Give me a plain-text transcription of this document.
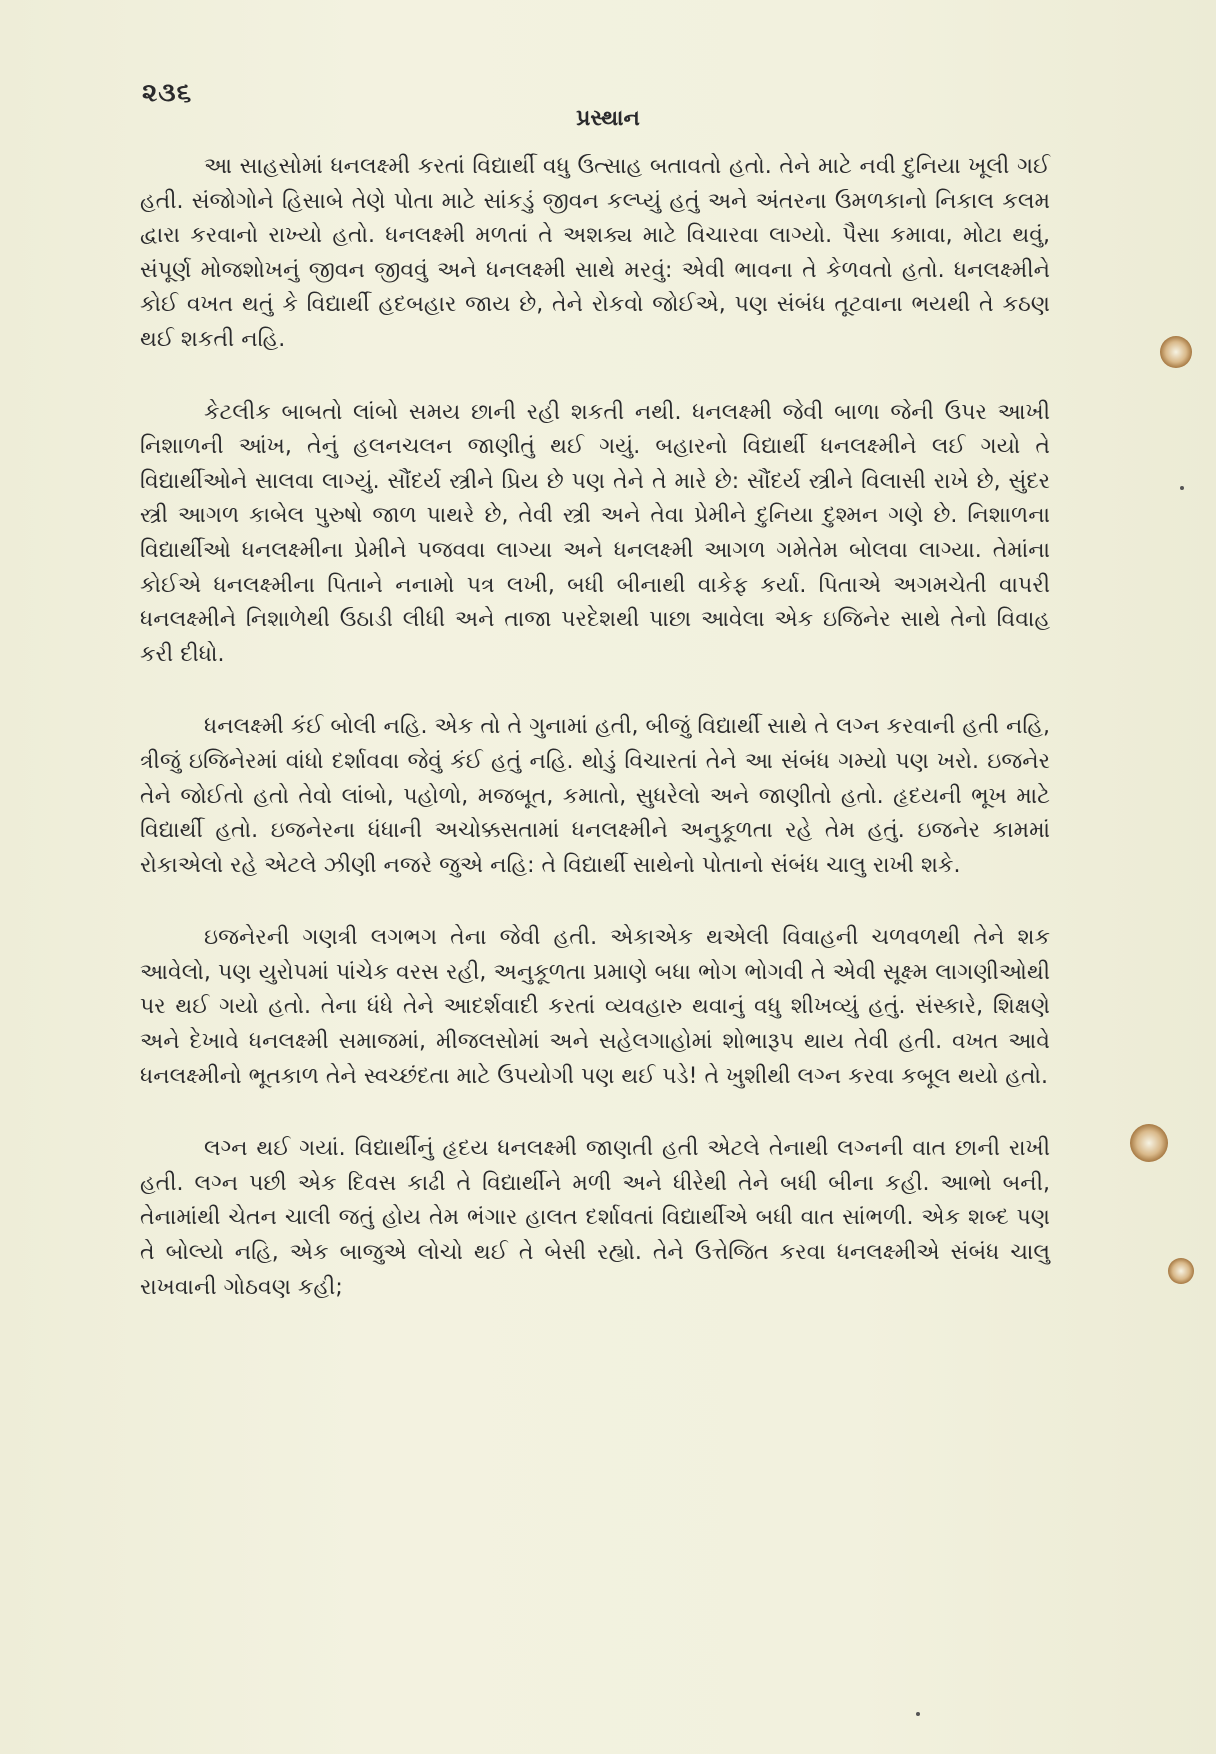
૨૩૬
પ્રસ્થાન

આ સાહસોમાં ધનલક્ષ્મી કરતાં વિદ્યાર્થી વધુ ઉત્સાહ બતાવતો હતો. તેને માટે નવી દુનિયા ખૂલી ગઈ હતી. સંજોગોને હિસાબે તેણે પોતા માટે સાંકડું જીવન કલ્પ્યું હતું અને અંતરના ઉમળકાનો નિકાલ કલમ દ્વારા કરવાનો રાખ્યો હતો. ધનલક્ષ્મી મળતાં તે અશક્ય માટે વિચારવા લાગ્યો. પૈસા કમાવા, મોટા થવું, સંપૂર્ણ મોજશોખનું જીવન જીવવું અને ધનલક્ષ્મી સાથે મરવું: એવી ભાવના તે કેળવતો હતો. ધનલક્ષ્મીને કોઈ વખત થતું કે વિદ્યાર્થી હદબહાર જાય છે, તેને રોકવો જોઈએ, પણ સંબંધ તૂટવાના ભયથી તે કઠણ થઈ શકતી નહિ.

કેટલીક બાબતો લાંબો સમય છાની રહી શકતી નથી. ધનલક્ષ્મી જેવી બાળા જેની ઉપર આખી નિશાળની આંખ, તેનું હલનચલન જાણીતું થઈ ગયું. બહારનો વિદ્યાર્થી ધનલક્ષ્મીને લઈ ગયો તે વિદ્યાર્થીઓને સાલવા લાગ્યું. સૌંદર્ય સ્ત્રીને પ્રિય છે પણ તેને તે મારે છે: સૌંદર્ય સ્ત્રીને વિલાસી રાખે છે, સુંદર સ્ત્રી આગળ કાબેલ પુરુષો જાળ પાથરે છે, તેવી સ્ત્રી અને તેવા પ્રેમીને દુનિયા દુશ્મન ગણે છે. નિશાળના વિદ્યાર્થીઓ ધનલક્ષ્મીના પ્રેમીને પજવવા લાગ્યા અને ધનલક્ષ્મી આગળ ગમેતેમ બોલવા લાગ્યા. તેમાંના કોઈએ ધનલક્ષ્મીના પિતાને નનામો પત્ર લખી, બધી બીનાથી વાકેફ કર્યા. પિતાએ અગમચેતી વાપરી ધનલક્ષ્મીને નિશાળેથી ઉઠાડી લીધી અને તાજા પરદેશથી પાછા આવેલા એક ઇજિનેર સાથે તેનો વિવાહ કરી દીધો.

ધનલક્ષ્મી કંઈ બોલી નહિ. એક તો તે ગુનામાં હતી, બીજું વિદ્યાર્થી સાથે તે લગ્ન કરવાની હતી નહિ, ત્રીજું ઇજિનેરમાં વાંધો દર્શાવવા જેવું કંઈ હતું નહિ. થોડું વિચારતાં તેને આ સંબંધ ગમ્યો પણ ખરો. ઇજનેર તેને જોઈતો હતો તેવો લાંબો, પહોળો, મજબૂત, કમાતો, સુધરેલો અને જાણીતો હતો. હૃદયની ભૂખ માટે વિદ્યાર્થી હતો. ઇજનેરના ધંધાની અચોક્કસતામાં ધનલક્ષ્મીને અનુકૂળતા રહે તેમ હતું. ઇજનેર કામમાં રોકાએલો રહે એટલે ઝીણી નજરે જુએ નહિ: તે વિદ્યાર્થી સાથેનો પોતાનો સંબંધ ચાલુ રાખી શકે.

ઇજનેરની ગણત્રી લગભગ તેના જેવી હતી. એકાએક થએલી વિવાહની ચળવળથી તેને શક આવેલો, પણ યુરોપમાં પાંચેક વરસ રહી, અનુકૂળતા પ્રમાણે બધા ભોગ ભોગવી તે એવી સૂક્ષ્મ લાગણીઓથી પર થઈ ગયો હતો. તેના ધંધે તેને આદર્શવાદી કરતાં વ્યવહારુ થવાનું વધુ શીખવ્યું હતું. સંસ્કારે, શિક્ષણે અને દેખાવે ધનલક્ષ્મી સમાજમાં, મીજલસોમાં અને સહેલગાહોમાં શોભારૂપ થાય તેવી હતી. વખત આવે ધનલક્ષ્મીનો ભૂતકાળ તેને સ્વચ્છંદતા માટે ઉપયોગી પણ થઈ પડે! તે ખુશીથી લગ્ન કરવા કબૂલ થયો હતો.

લગ્ન થઈ ગયાં. વિદ્યાર્થીનું હૃદય ધનલક્ષ્મી જાણતી હતી એટલે તેનાથી લગ્નની વાત છાની રાખી હતી. લગ્ન પછી એક દિવસ કાઢી તે વિદ્યાર્થીને મળી અને ધીરેથી તેને બધી બીના કહી. આભો બની, તેનામાંથી ચેતન ચાલી જતું હોય તેમ ભંગાર હાલત દર્શાવતાં વિદ્યાર્થીએ બધી વાત સાંભળી. એક શબ્દ પણ તે બોલ્યો નહિ, એક બાજુએ લોચો થઈ તે બેસી રહ્યો. તેને ઉત્તેજિત કરવા ધનલક્ષ્મીએ સંબંધ ચાલુ રાખવાની ગોઠવણ કહી;
